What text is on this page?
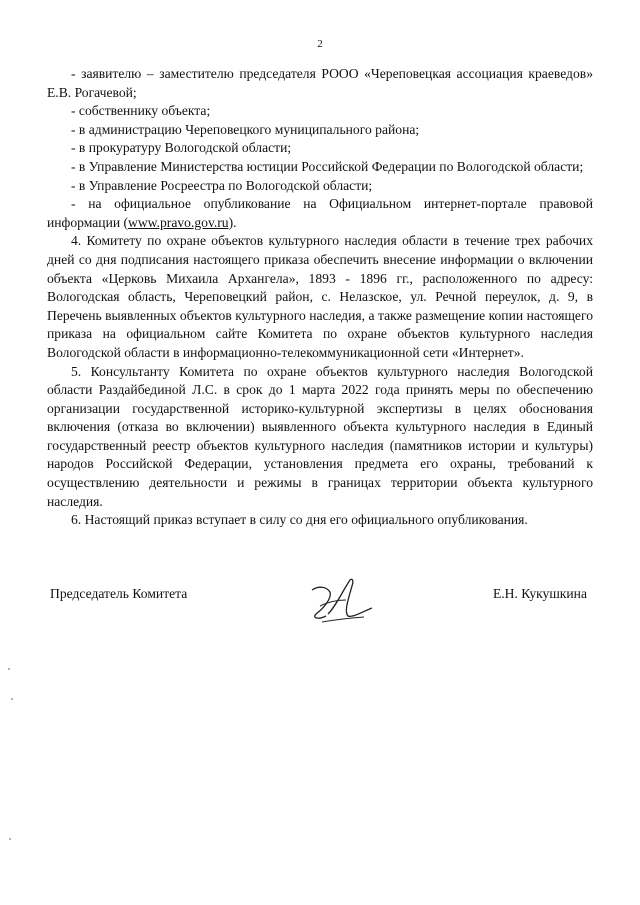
2

- заявителю – заместителю председателя РООО «Череповецкая ассоциация краеведов» Е.В. Рогачевой;

- собственнику объекта;

- в администрацию Череповецкого муниципального района;

- в прокуратуру Вологодской области;

- в Управление Министерства юстиции Российской Федерации по Вологодской области;

- в Управление Росреестра по Вологодской области;

- на официальное опубликование на Официальном интернет-портале правовой информации (www.pravo.gov.ru).

4. Комитету по охране объектов культурного наследия области в течение трех рабочих дней со дня подписания настоящего приказа обеспечить внесение информации о включении объекта «Церковь Михаила Архангела», 1893 - 1896 гг., расположенного по адресу: Вологодская область, Череповецкий район, с. Нелазское, ул. Речной переулок, д. 9, в Перечень выявленных объектов культурного наследия, а также размещение копии настоящего приказа на официальном сайте Комитета по охране объектов культурного наследия Вологодской области в информационно-телекоммуникационной сети «Интернет».

5. Консультанту Комитета по охране объектов культурного наследия Вологодской области Раздайбединой Л.С. в срок до 1 марта 2022 года принять меры по обеспечению организации государственной историко-культурной экспертизы в целях обоснования включения (отказа во включении) выявленного объекта культурного наследия в Единый государственный реестр объектов культурного наследия (памятников истории и культуры) народов Российской Федерации, установления предмета его охраны, требований к осуществлению деятельности и режимы в границах территории объекта культурного наследия.

6. Настоящий приказ вступает в силу со дня его официального опубликования.

Председатель Комитета	Е.Н. Кукушкина
